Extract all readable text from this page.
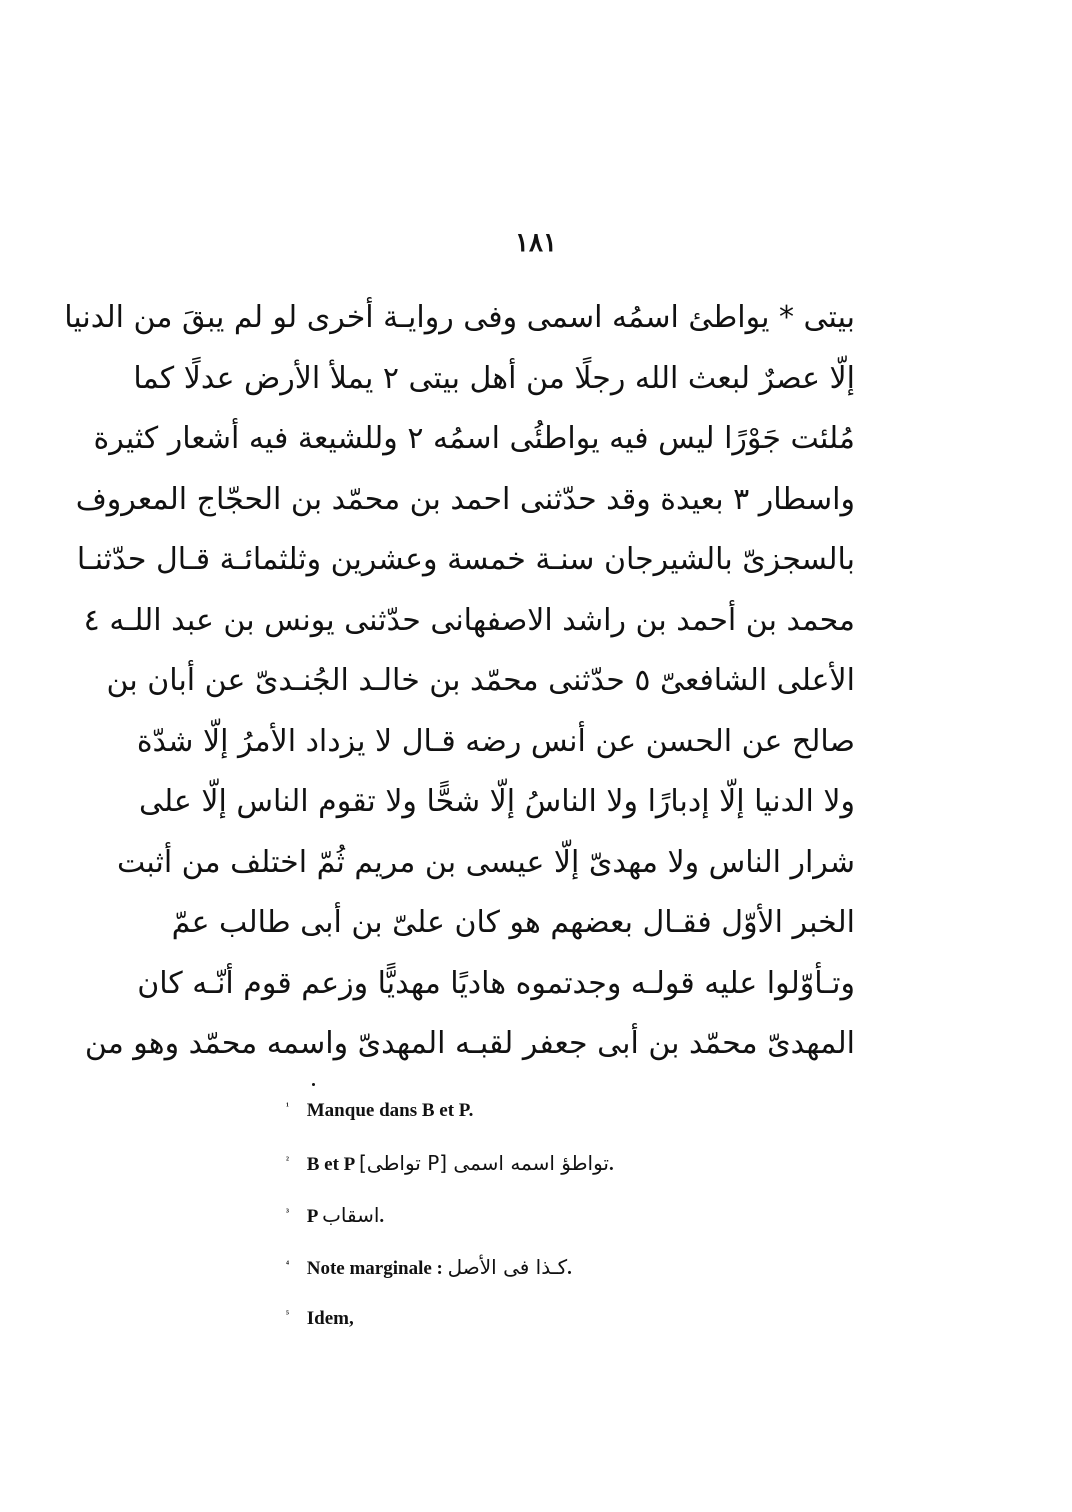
١٨١
بيتى * يواطئ اسمُه اسمى وفى روايـة أخرى لو لم يبقَ من الدنيا
إلّا عصرٌ لبعث الله رجلًا من أهل بيتى ٢ يملأ الأرض عدلًا كما
مُلئت جَوْرًا ليس فيه يواطئُى اسمُه ٢ وللشيعة فيه أشعار كثيرة
واسطار ٣ بعيدة وقد حدّثنى احمد بن محمّد بن الحجّاج المعروف
بالسجزىّ بالشيرجان سنـة خمسة وعشرين وثلثمائـة قـال حدّثنـا
محمد بن أحمد بن راشد الاصفهانى حدّثنى يونس بن عبد اللـه ٤
الأعلى الشافعىّ ٥ حدّثنى محمّد بن خالـد الجُنـدىّ عن أبان بن
صالح عن الحسن عن أنس رضه قـال لا يزداد الأمرُ إلّا شدّة
ولا الدنيا إلّا إدبارًا ولا الناسُ إلّا شحًّا ولا تقوم الناس إلّا على
شرار الناس ولا مهدىّ إلّا عيسى بن مريم ثُمّ اختلف من أثبت
الخبر الأوّل فقـال بعضهم هو كان علىّ بن أبى طالب عمّ
وتـأوّلوا عليه قولـه وجدتموه هاديًا مهديًّا وزعم قوم أنّـه كان
المهدىّ محمّد بن أبى جعفر لقبـه المهدىّ واسمه محمّد وهو من
¹ Manque dans B et P.
² B et P تواطؤ اسمه اسمى [P تواطى].
³ P اسقاب.
⁴ Note marginale : كـذا فى الأصل.
⁵ Idem,
